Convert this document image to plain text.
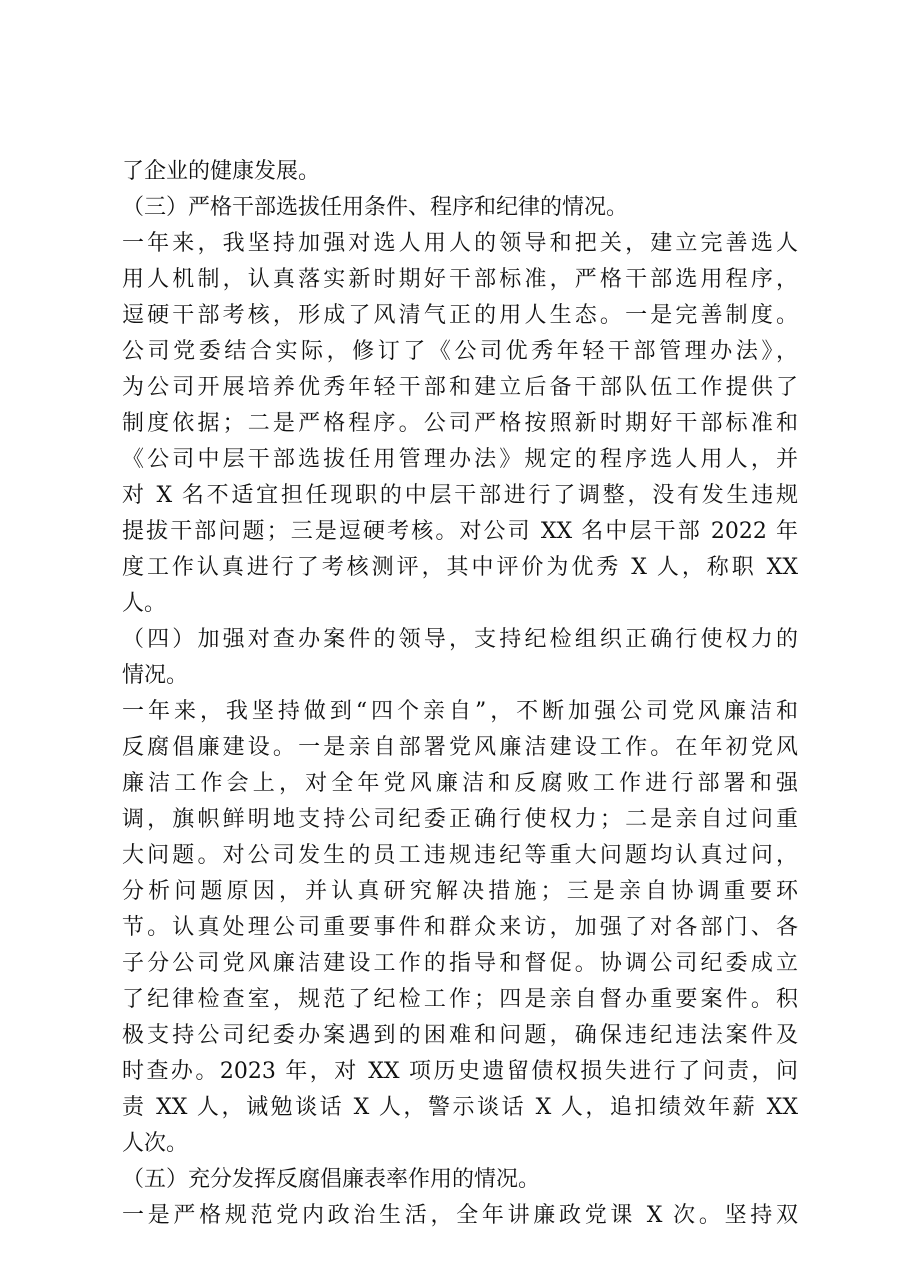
了企业的健康发展。
（三）严格干部选拔任用条件、程序和纪律的情况。
一年来，我坚持加强对选人用人的领导和把关，建立完善选人
用人机制，认真落实新时期好干部标准，严格干部选用程序，
逗硬干部考核，形成了风清气正的用人生态。一是完善制度。
公司党委结合实际，修订了《公司优秀年轻干部管理办法》，
为公司开展培养优秀年轻干部和建立后备干部队伍工作提供了
制度依据；二是严格程序。公司严格按照新时期好干部标准和
《公司中层干部选拔任用管理办法》规定的程序选人用人，并
对 X 名不适宜担任现职的中层干部进行了调整，没有发生违规
提拔干部问题；三是逗硬考核。对公司 XX 名中层干部 2022 年
度工作认真进行了考核测评，其中评价为优秀 X 人，称职 XX
人。
（四）加强对查办案件的领导，支持纪检组织正确行使权力的
情况。
一年来，我坚持做到“四个亲自”，不断加强公司党风廉洁和
反腐倡廉建设。一是亲自部署党风廉洁建设工作。在年初党风
廉洁工作会上，对全年党风廉洁和反腐败工作进行部署和强
调，旗帜鲜明地支持公司纪委正确行使权力；二是亲自过问重
大问题。对公司发生的员工违规违纪等重大问题均认真过问，
分析问题原因，并认真研究解决措施；三是亲自协调重要环
节。认真处理公司重要事件和群众来访，加强了对各部门、各
子分公司党风廉洁建设工作的指导和督促。协调公司纪委成立
了纪律检查室，规范了纪检工作；四是亲自督办重要案件。积
极支持公司纪委办案遇到的困难和问题，确保违纪违法案件及
时查办。2023 年，对 XX 项历史遗留债权损失进行了问责，问
责 XX 人，诫勉谈话 X 人，警示谈话 X 人，追扣绩效年薪 XX
人次。
（五）充分发挥反腐倡廉表率作用的情况。
一是严格规范党内政治生活，全年讲廉政党课 X 次。坚持双
